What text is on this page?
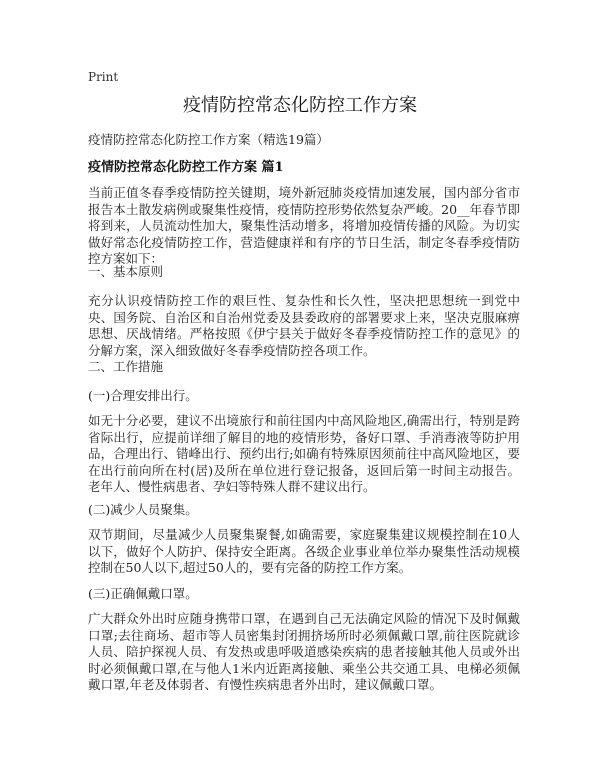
Print
疫情防控常态化防控工作方案

疫情防控常态化防控工作方案（精选19篇）

疫情防控常态化防控工作方案 篇1

当前正值冬春季疫情防控关键期，境外新冠肺炎疫情加速发展，国内部分省市报告本土散发病例或聚集性疫情，疫情防控形势依然复杂严峻。20__年春节即将到来，人员流动性加大，聚集性活动增多，将增加疫情传播的风险。为切实做好常态化疫情防控工作，营造健康祥和有序的节日生活，制定冬春季疫情防控方案如下：

一、基本原则

充分认识疫情防控工作的艰巨性、复杂性和长久性，坚决把思想统一到党中央、国务院、自治区和自治州党委及县委政府的部署要求上来，坚决克服麻痹思想、厌战情绪。严格按照《伊宁县关于做好冬春季疫情防控工作的意见》的分解方案，深入细致做好冬春季疫情防控各项工作。

二、工作措施

(一)合理安排出行。

如无十分必要，建议不出境旅行和前往国内中高风险地区,确需出行，特别是跨省际出行，应提前详细了解目的地的疫情形势，备好口罩、手消毒液等防护用品，合理出行、错峰出行、预约出行;如确有特殊原因须前往中高风险地区，要在出行前向所在村(居)及所在单位进行登记报备，返回后第一时间主动报告。老年人、慢性病患者、孕妇等特殊人群不建议出行。

(二)减少人员聚集。

双节期间，尽量减少人员聚集聚餐,如确需要，家庭聚集建议规模控制在10人以下，做好个人防护、保持安全距离。各级企业事业单位举办聚集性活动规模控制在50人以下,超过50人的，要有完备的防控工作方案。

(三)正确佩戴口罩。

广大群众外出时应随身携带口罩，在遇到自己无法确定风险的情况下及时佩戴口罩;去往商场、超市等人员密集封闭拥挤场所时必须佩戴口罩,前往医院就诊人员、陪护探视人员、有发热或患呼吸道感染疾病的患者接触其他人员或外出时必须佩戴口罩,在与他人1米内近距离接触、乘坐公共交通工具、电梯必须佩戴口罩,年老及体弱者、有慢性疾病患者外出时，建议佩戴口罩。
